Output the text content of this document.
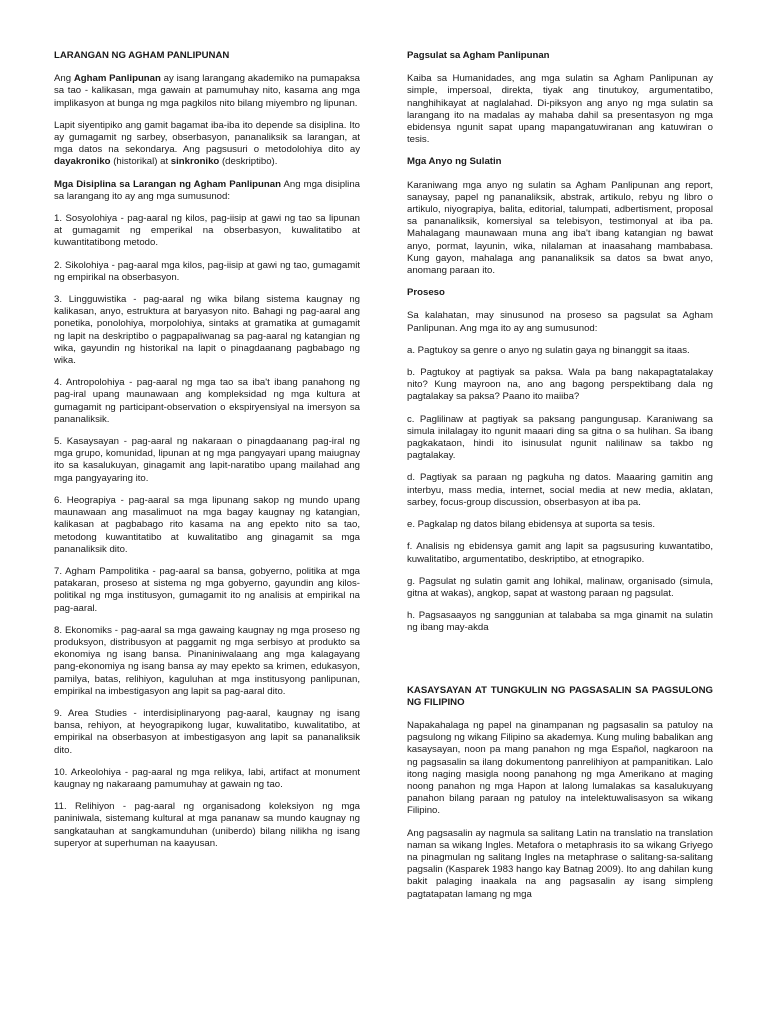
LARANGAN NG AGHAM PANLIPUNAN

Ang Agham Panlipunan ay isang larangang akademiko na pumapaksa sa tao - kalikasan, mga gawain at pamumuhay nito, kasama ang mga implikasyon at bunga ng mga pagkilos nito bilang miyembro ng lipunan.

Lapit siyentipiko ang gamit bagamat iba-iba ito depende sa disiplina. Ito ay gumagamit ng sarbey, obserbasyon, pananaliksik sa larangan, at mga datos na sekondarya. Ang pagsusuri o metodolohiya dito ay dayakroniko (historikal) at sinkroniko (deskriptibo).

Mga Disiplina sa Larangan ng Agham Panlipunan Ang mga disiplina sa larangang ito ay ang mga sumusunod:

1. Sosyolohiya - pag-aaral ng kilos, pag-iisip at gawi ng tao sa lipunan at gumagamit ng emperikal na obserbasyon, kuwalitatibo at kuwantitatibong metodo.

2. Sikolohiya - pag-aaral mga kilos, pag-iisip at gawi ng tao, gumagamit ng empirikal na obserbasyon.

3. Lingguwistika - pag-aaral ng wika bilang sistema kaugnay ng kalikasan, anyo, estruktura at baryasyon nito. Bahagi ng pag-aaral ang ponetika, ponolohiya, morpolohiya, sintaks at gramatika at gumagamit ng lapit na deskriptibo o pagpapaliwanag sa pag-aaral ng katangian ng wika, gayundin ng historikal na lapit o pinagdaanang pagbabago ng wika.

4. Antropolohiya - pag-aaral ng mga tao sa iba't ibang panahong ng pag-iral upang maunawaan ang kompleksidad ng mga kultura at gumagamit ng participant-observation o ekspiryensiyal na imersyon sa pananaliksik.

5. Kasaysayan - pag-aaral ng nakaraan o pinagdaanang pag-iral ng mga grupo, komunidad, lipunan at ng mga pangyayari upang maiugnay ito sa kasalukuyan, ginagamit ang lapit-naratibo upang mailahad ang mga pangyayaring ito.

6. Heograpiya - pag-aaral sa mga lipunang sakop ng mundo upang maunawaan ang masalimuot na mga bagay kaugnay ng katangian, kalikasan at pagbabago rito kasama na ang epekto nito sa tao, metodong kuwantitatibo at kuwalitatibo ang ginagamit sa mga pananaliksik dito.

7. Agham Pampolitika - pag-aaral sa bansa, gobyerno, politika at mga patakaran, proseso at sistema ng mga gobyerno, gayundin ang kilos-politikal ng mga institusyon, gumagamit ito ng analisis at empirikal na pag-aaral.

8. Ekonomiks - pag-aaral sa mga gawaing kaugnay ng mga proseso ng produksyon, distribusyon at paggamit ng mga serbisyo at produkto sa ekonomiya ng isang bansa. Pinaniniwalaang ang mga kalagayang pang-ekonomiya ng isang bansa ay may epekto sa krimen, edukasyon, pamilya, batas, relihiyon, kaguluhan at mga institusyong panlipunan, empirikal na imbestigasyon ang lapit sa pag-aaral dito.

9. Area Studies - interdisiplinaryong pag-aaral, kaugnay ng isang bansa, rehiyon, at heyograpikong lugar, kuwalitatibo, kuwalitatibo, at empirikal na obserbasyon at imbestigasyon ang lapit sa pananaliksik dito.

10. Arkeolohiya - pag-aaral ng mga relikya, labi, artifact at monument kaugnay ng nakaraang pamumuhay at gawain ng tao.

11. Relihiyon - pag-aaral ng organisadong koleksiyon ng mga paniniwala, sistemang kultural at mga pananaw sa mundo kaugnay ng sangkatauhan at sangkamunduhan (uniberdo) bilang nilikha ng isang superyor at superhuman na kaayusan.

Pagsulat sa Agham Panlipunan

Kaiba sa Humanidades, ang mga sulatin sa Agham Panlipunan ay simple, impersoal, direkta, tiyak ang tinutukoy, argumentatibo, nanghihikayat at naglalahad. Di-piksyon ang anyo ng mga sulatin sa larangang ito na madalas ay mahaba dahil sa presentasyon ng mga ebidensya ngunit sapat upang mapangatuwiranan ang katuwiran o tesis.

Mga Anyo ng Sulatin

Karaniwang mga anyo ng sulatin sa Agham Panlipunan ang report, sanaysay, papel ng pananaliksik, abstrak, artikulo, rebyu ng libro o artikulo, niyograpiya, balita, editorial, talumpati, adbertisment, proposal sa pananaliksik, komersiyal sa telebisyon, testimonyal at iba pa. Mahalagang maunawaan muna ang iba't ibang katangian ng bawat anyo, pormat, layunin, wika, nilalaman at inaasahang mambabasa. Kung gayon, mahalaga ang pananaliksik sa datos sa bwat anyo, anomang paraan ito.

Proseso

Sa kalahatan, may sinusunod na proseso sa pagsulat sa Agham Panlipunan. Ang mga ito ay ang sumusunod:

a. Pagtukoy sa genre o anyo ng sulatin gaya ng binanggit sa itaas.

b. Pagtukoy at pagtiyak sa paksa. Wala pa bang nakapagtatalakay nito? Kung mayroon na, ano ang bagong perspektibang dala ng pagtalakay sa paksa? Paano ito maiiba?

c. Paglilinaw at pagtiyak sa paksang pangungusap. Karaniwang sa simula inilalagay ito ngunit maaari ding sa gitna o sa hulihan. Sa ibang pagkakataon, hindi ito isinusulat ngunit nalilinaw sa takbo ng pagtalakay.

d. Pagtiyak sa paraan ng pagkuha ng datos. Maaaring gamitin ang interbyu, mass media, internet, social media at new media, aklatan, sarbey, focus-group discussion, obserbasyon at iba pa.

e. Pagkalap ng datos bilang ebidensya at suporta sa tesis.

f. Analisis ng ebidensya gamit ang lapit sa pagsusuring kuwantatibo, kuwalitatibo, argumentatibo, deskriptibo, at etnograpiko.

g. Pagsulat ng sulatin gamit ang lohikal, malinaw, organisado (simula, gitna at wakas), angkop, sapat at wastong paraan ng pagsulat.

h. Pagsasaayos ng sanggunian at talababa sa mga ginamit na sulatin ng ibang may-akda

KASAYSAYAN AT TUNGKULIN NG PAGSASALIN SA PAGSULONG NG FILIPINO

Napakahalaga ng papel na ginampanan ng pagsasalin sa patuloy na pagsulong ng wikang Filipino sa akademya. Kung muling babalikan ang kasaysayan, noon pa mang panahon ng mga Español, nagkaroon na ng pagsasalin sa ilang dokumentong panrelihiyon at pampanitikan. Lalo itong naging masigla noong panahong ng mga Amerikano at maging noong panahon ng mga Hapon at lalong lumalakas sa kasalukuyang panahon bilang paraan ng patuloy na intelektuwalisasyon sa wikang Filipino.

Ang pagsasalin ay nagmula sa salitang Latin na translatio na translation naman sa wikang Ingles. Metafora o metaphrasis ito sa wikang Griyego na pinagmulan ng salitang Ingles na metaphrase o salitang-sa-salitang pagsalin (Kasparek 1983 hango kay Batnag 2009). Ito ang dahilan kung bakit palaging inaakala na ang pagsasalin ay isang simpleng pagtatapatan lamang ng mga
